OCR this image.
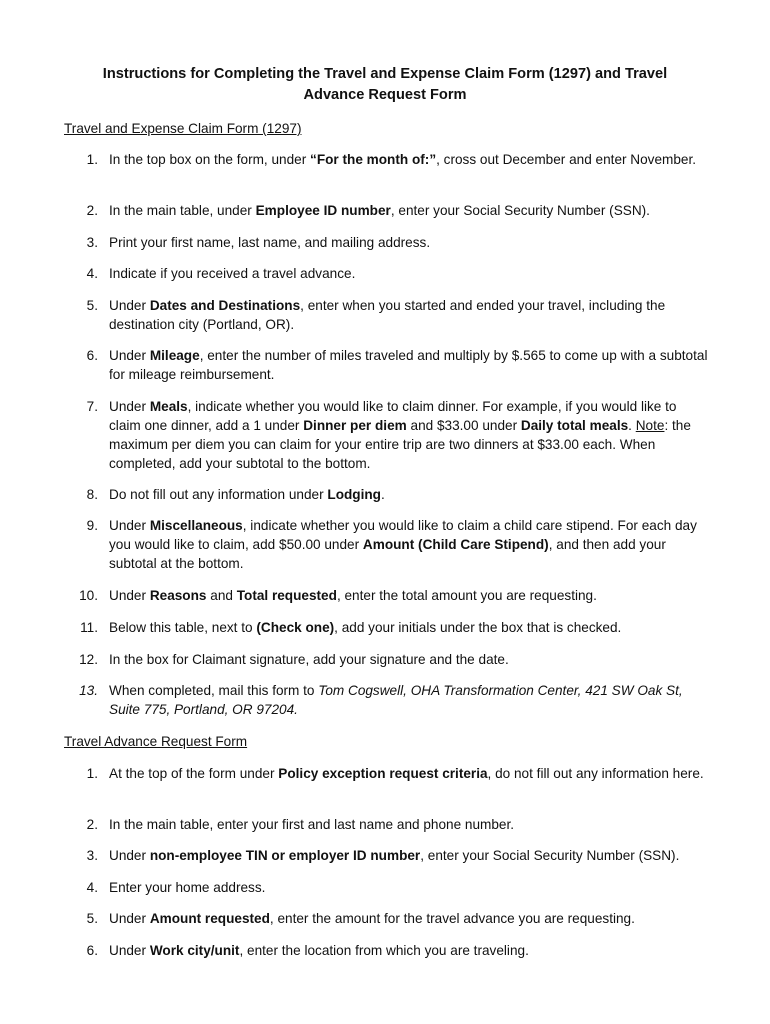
Instructions for Completing the Travel and Expense Claim Form (1297) and Travel
Advance Request Form
Travel and Expense Claim Form (1297)
1. In the top box on the form, under “For the month of:”, cross out December and enter November.
2. In the main table, under Employee ID number, enter your Social Security Number (SSN).
3. Print your first name, last name, and mailing address.
4. Indicate if you received a travel advance.
5. Under Dates and Destinations, enter when you started and ended your travel, including the destination city (Portland, OR).
6. Under Mileage, enter the number of miles traveled and multiply by $.565 to come up with a subtotal for mileage reimbursement.
7. Under Meals, indicate whether you would like to claim dinner. For example, if you would like to claim one dinner, add a 1 under Dinner per diem and $33.00 under Daily total meals. Note: the maximum per diem you can claim for your entire trip are two dinners at $33.00 each. When completed, add your subtotal to the bottom.
8. Do not fill out any information under Lodging.
9. Under Miscellaneous, indicate whether you would like to claim a child care stipend. For each day you would like to claim, add $50.00 under Amount (Child Care Stipend), and then add your subtotal at the bottom.
10. Under Reasons and Total requested, enter the total amount you are requesting.
11. Below this table, next to (Check one), add your initials under the box that is checked.
12. In the box for Claimant signature, add your signature and the date.
13. When completed, mail this form to Tom Cogswell, OHA Transformation Center, 421 SW Oak St, Suite 775, Portland, OR 97204.
Travel Advance Request Form
1. At the top of the form under Policy exception request criteria, do not fill out any information here.
2. In the main table, enter your first and last name and phone number.
3. Under non-employee TIN or employer ID number, enter your Social Security Number (SSN).
4. Enter your home address.
5. Under Amount requested, enter the amount for the travel advance you are requesting.
6. Under Work city/unit, enter the location from which you are traveling.
